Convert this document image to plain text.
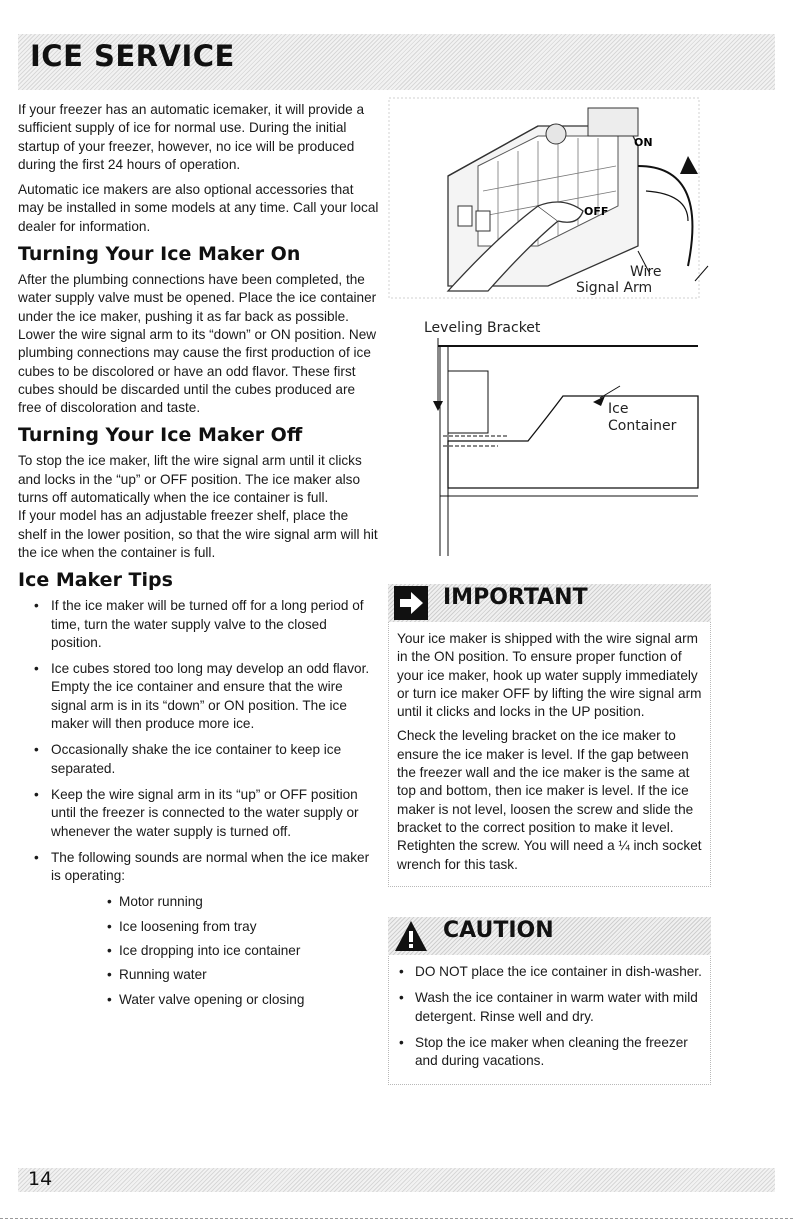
ICE SERVICE

If your freezer has an automatic icemaker, it will provide a sufficient supply of ice for normal use. During the initial startup of your freezer, however, no ice will be produced during the first 24 hours of operation.

Automatic ice makers are also optional accessories that may be installed in some models at any time. Call your local dealer for information.

Turning Your Ice Maker On

After the plumbing connections have been completed, the water supply valve must be opened. Place the ice container under the ice maker, pushing it as far back as possible. Lower the wire signal arm to its “down” or ON position. New plumbing connections may cause the first production of ice cubes to be discolored or have an odd flavor. These first cubes should be discarded until the cubes produced are free of discoloration and taste.

Turning Your Ice Maker Off

To stop the ice maker, lift the wire signal arm until it clicks and locks in the “up” or OFF position. The ice maker also turns off automatically when the ice container is full.

If your model has an adjustable freezer shelf, place the shelf in the lower position, so that the wire signal arm will hit the ice when the container is full.

Ice Maker Tips
• If the ice maker will be turned off for a long period of time, turn the water supply valve to the closed position.
• Ice cubes stored too long may develop an odd flavor. Empty the ice container and ensure that the wire signal arm is in its “down” or ON position. The ice maker will then produce more ice.
• Occasionally shake the ice container to keep ice separated.
• Keep the wire signal arm in its “up” or OFF position until the freezer is connected to the water supply or whenever the water supply is turned off.
• The following sounds are normal when the ice maker is operating:
• Motor running
• Ice loosening from tray
• Ice dropping into ice container
• Running water
• Water valve opening or closing
ON
OFF
Wire
Signal Arm
Leveling Bracket
Ice
Container
IMPORTANT

Your ice maker is shipped with the wire signal arm in the ON position. To ensure proper function of your ice maker, hook up water supply immediately or turn ice maker OFF by lifting the wire signal arm until it clicks and locks in the UP position.

Check the leveling bracket on the ice maker to ensure the ice maker is level. If the gap between the freezer wall and the ice maker is the same at top and bottom, then ice maker is level. If the ice maker is not level, loosen the screw and slide the bracket to the correct position to make it level. Retighten the screw. You will need a ¼ inch socket wrench for this task.

CAUTION
• DO NOT place the ice container in dish-washer.
• Wash the ice container in warm water with mild detergent. Rinse well and dry.
• Stop the ice maker when cleaning the freezer and during vacations.
14
